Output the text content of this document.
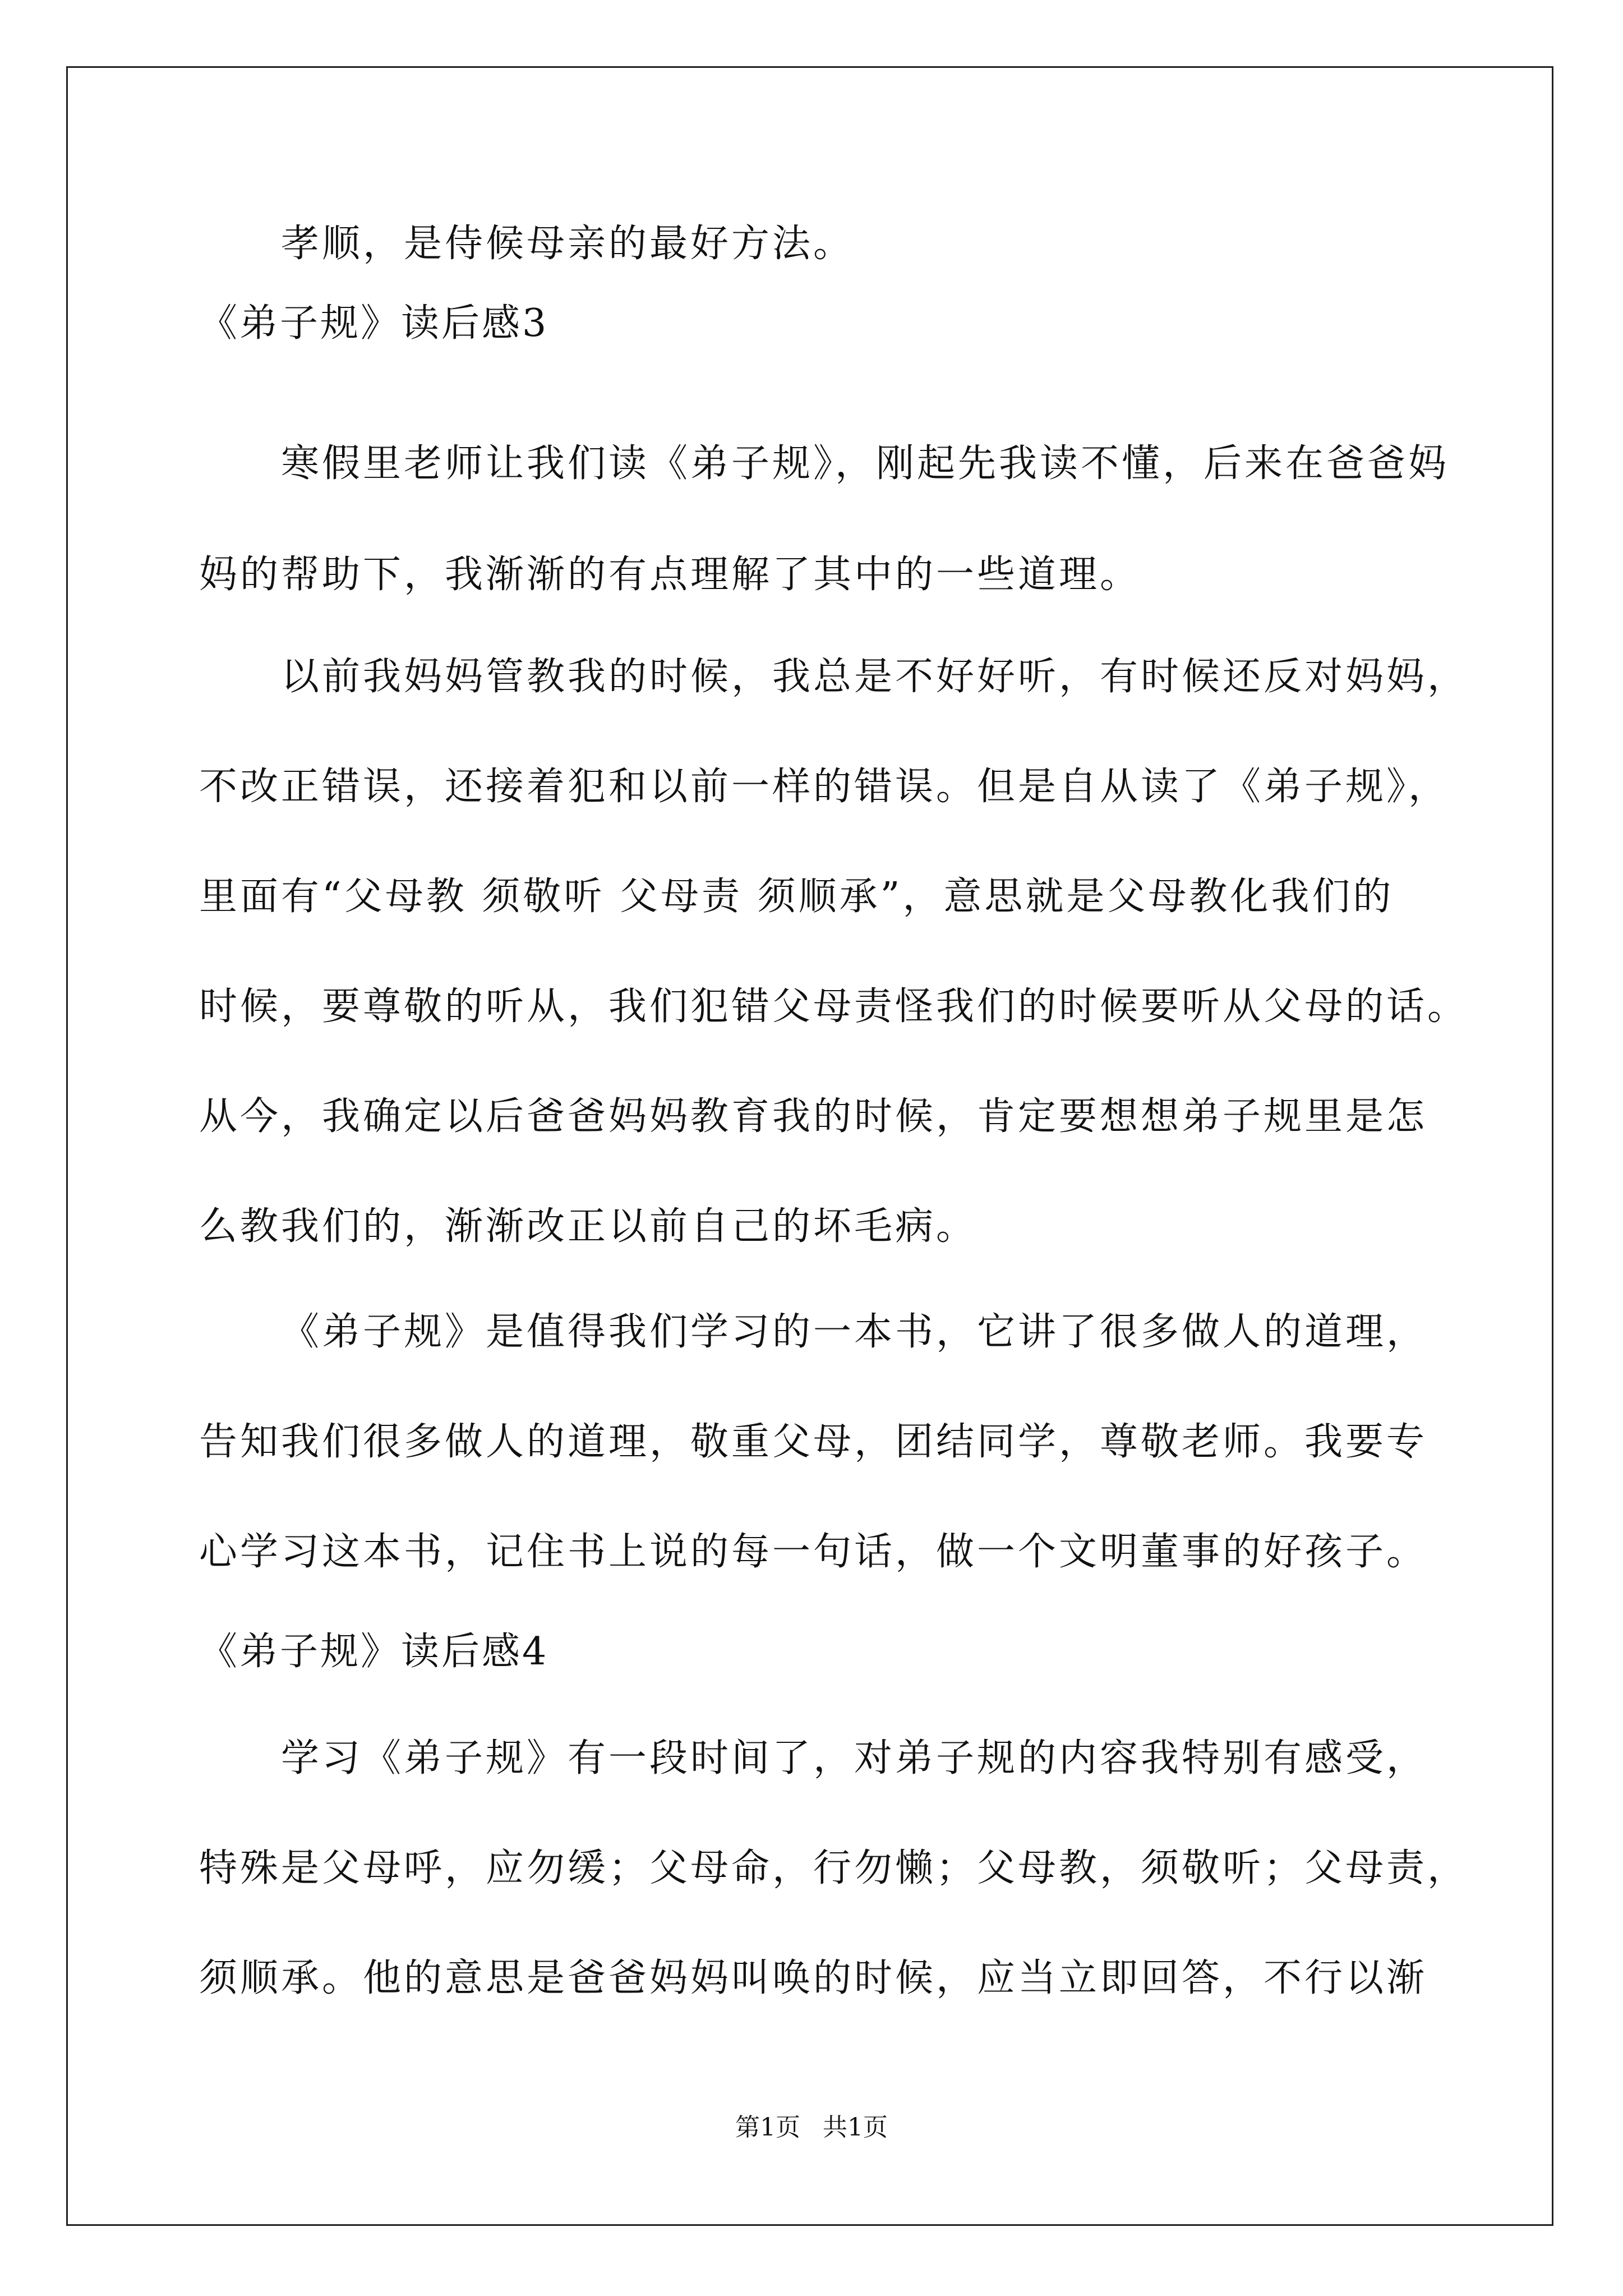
孝顺，是侍候母亲的最好方法。
《弟子规》读后感3
寒假里老师让我们读《弟子规》，刚起先我读不懂，后来在爸爸妈
妈的帮助下，我渐渐的有点理解了其中的一些道理。
以前我妈妈管教我的时候，我总是不好好听，有时候还反对妈妈，
不改正错误，还接着犯和以前一样的错误。但是自从读了《弟子规》，
里面有“父母教 须敬听 父母责 须顺承”，意思就是父母教化我们的
时候，要尊敬的听从，我们犯错父母责怪我们的时候要听从父母的话。
从今，我确定以后爸爸妈妈教育我的时候，肯定要想想弟子规里是怎
么教我们的，渐渐改正以前自己的坏毛病。
《弟子规》是值得我们学习的一本书，它讲了很多做人的道理，
告知我们很多做人的道理，敬重父母，团结同学，尊敬老师。我要专
心学习这本书，记住书上说的每一句话，做一个文明董事的好孩子。
《弟子规》读后感4
学习《弟子规》有一段时间了，对弟子规的内容我特别有感受，
特殊是父母呼，应勿缓；父母命，行勿懒；父母教，须敬听；父母责，
须顺承。他的意思是爸爸妈妈叫唤的时候，应当立即回答，不行以渐
第1页 共1页
